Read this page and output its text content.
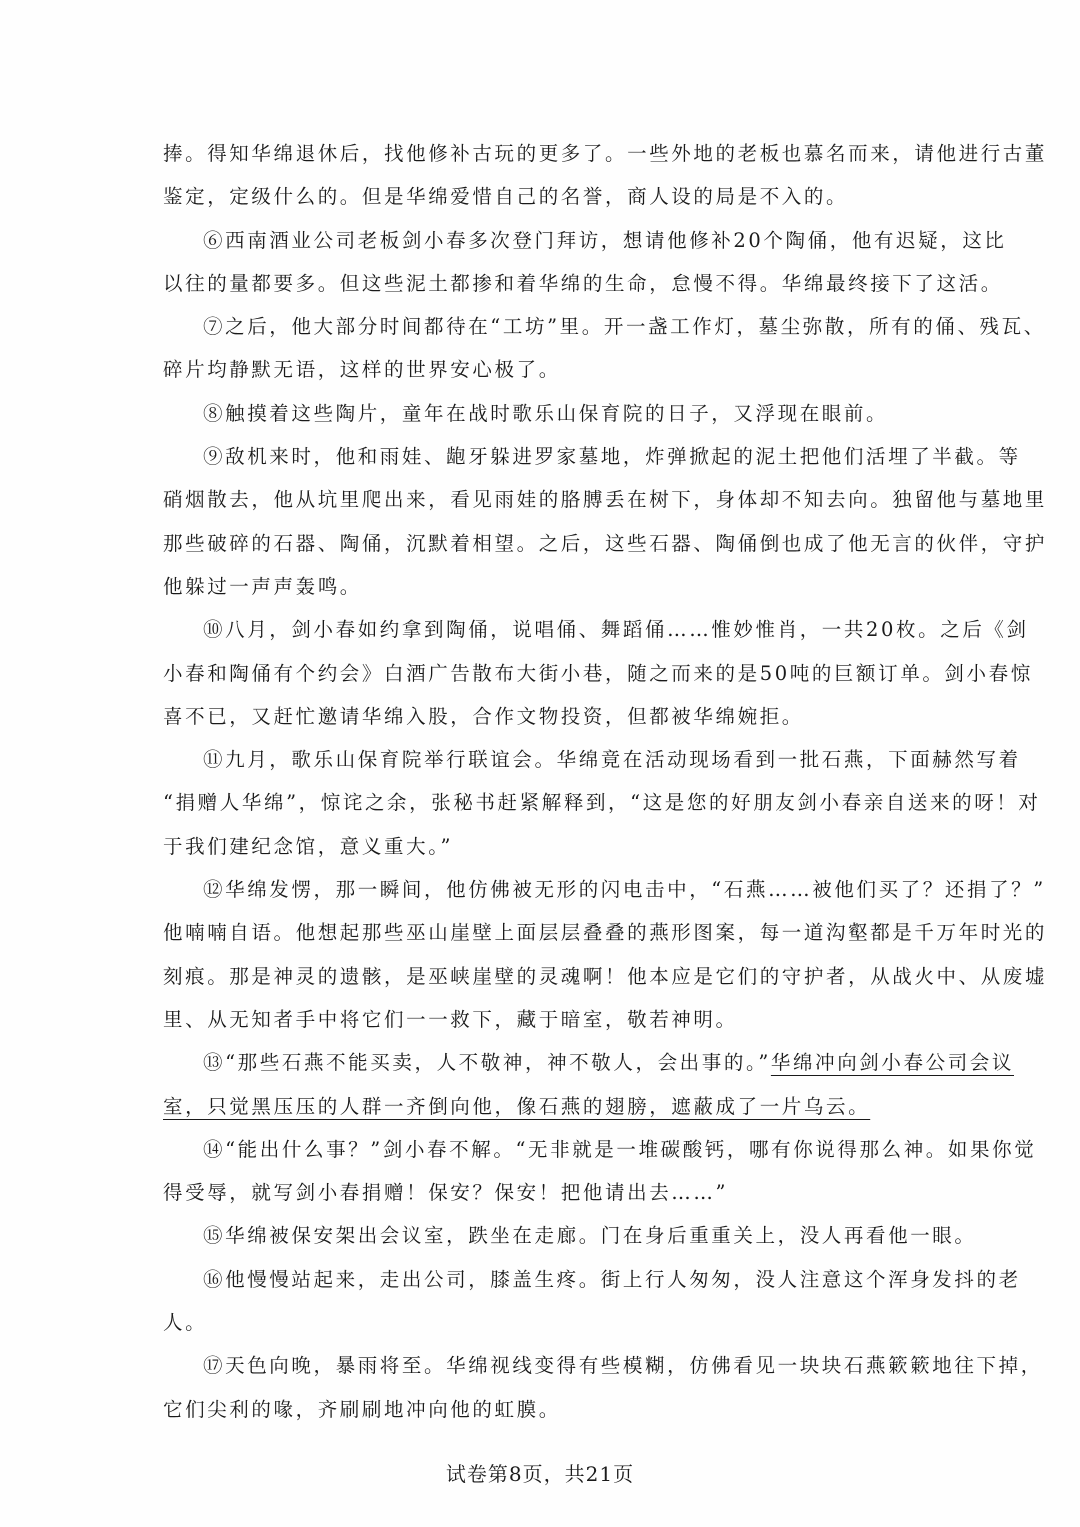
捧。得知华绵退休后，找他修补古玩的更多了。一些外地的老板也慕名而来，请他进行古董
鉴定，定级什么的。但是华绵爱惜自己的名誉，商人设的局是不入的。
⑥西南酒业公司老板剑小春多次登门拜访，想请他修补20个陶俑，他有迟疑，这比
以往的量都要多。但这些泥土都掺和着华绵的生命，怠慢不得。华绵最终接下了这活。
⑦之后，他大部分时间都待在“工坊”里。开一盏工作灯，墓尘弥散，所有的俑、残瓦、
碎片均静默无语，这样的世界安心极了。
⑧触摸着这些陶片，童年在战时歌乐山保育院的日子，又浮现在眼前。
⑨敌机来时，他和雨娃、龅牙躲进罗家墓地，炸弹掀起的泥土把他们活埋了半截。等
硝烟散去，他从坑里爬出来，看见雨娃的胳膊丢在树下，身体却不知去向。独留他与墓地里
那些破碎的石器、陶俑，沉默着相望。之后，这些石器、陶俑倒也成了他无言的伙伴，守护
他躲过一声声轰鸣。
⑩八月，剑小春如约拿到陶俑，说唱俑、舞蹈俑……惟妙惟肖，一共20枚。之后《剑
小春和陶俑有个约会》白酒广告散布大街小巷，随之而来的是50吨的巨额订单。剑小春惊
喜不已，又赶忙邀请华绵入股，合作文物投资，但都被华绵婉拒。
⑪九月，歌乐山保育院举行联谊会。华绵竟在活动现场看到一批石燕，下面赫然写着
“捐赠人华绵”，惊诧之余，张秘书赶紧解释到，“这是您的好朋友剑小春亲自送来的呀！对
于我们建纪念馆，意义重大。”
⑫华绵发愣，那一瞬间，他仿佛被无形的闪电击中，“石燕……被他们买了？还捐了？”
他喃喃自语。他想起那些巫山崖壁上面层层叠叠的燕形图案，每一道沟壑都是千万年时光的
刻痕。那是神灵的遗骸，是巫峡崖壁的灵魂啊！他本应是它们的守护者，从战火中、从废墟
里、从无知者手中将它们一一救下，藏于暗室，敬若神明。
⑬“那些石燕不能买卖，人不敬神，神不敬人，会出事的。”华绵冲向剑小春公司会议
室，只觉黑压压的人群一齐倒向他，像石燕的翅膀，遮蔽成了一片乌云。
⑭“能出什么事？”剑小春不解。“无非就是一堆碳酸钙，哪有你说得那么神。如果你觉
得受辱，就写剑小春捐赠！保安？保安！把他请出去……”
⑮华绵被保安架出会议室，跌坐在走廊。门在身后重重关上，没人再看他一眼。
⑯他慢慢站起来，走出公司，膝盖生疼。街上行人匆匆，没人注意这个浑身发抖的老
人。
⑰天色向晚，暴雨将至。华绵视线变得有些模糊，仿佛看见一块块石燕簌簌地往下掉，
它们尖利的喙，齐刷刷地冲向他的虹膜。
试卷第8页，共21页
